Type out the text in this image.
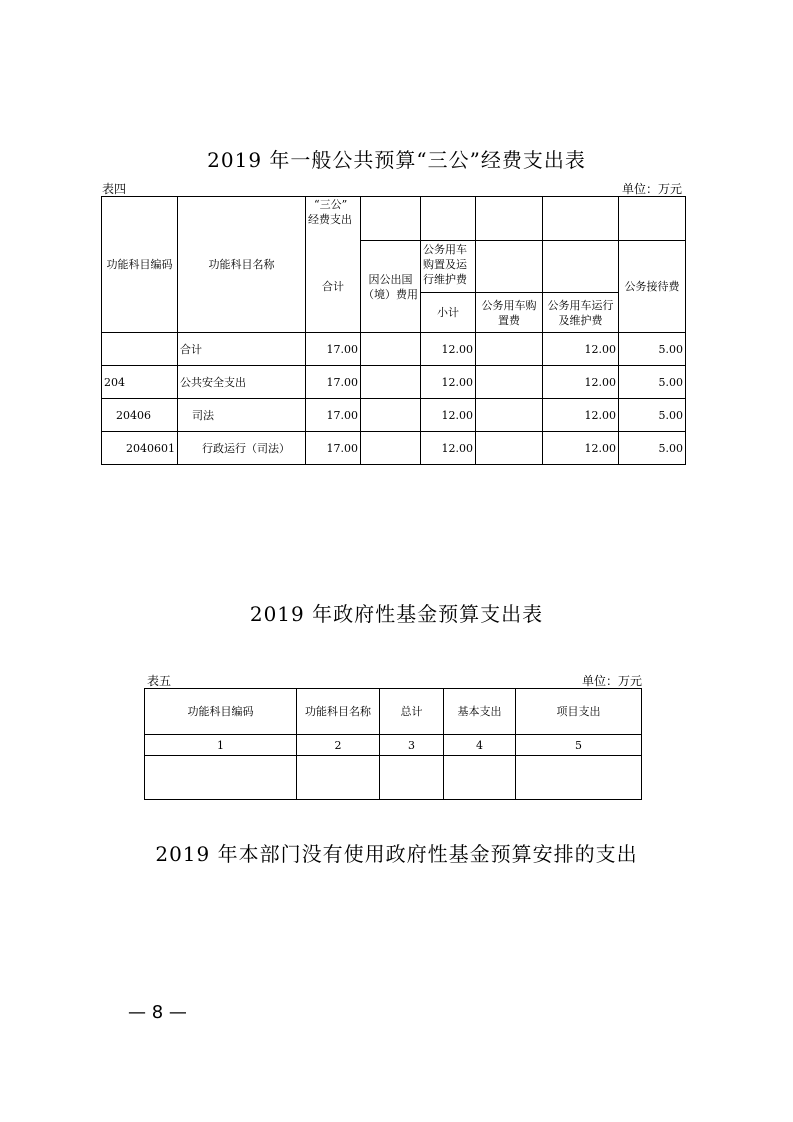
2019 年一般公共预算“三公”经费支出表
表四	单位：万元
功能科目编码	功能科目名称	“三公”
经费支出					

		合计	因公出国（境）费用	公务用车购置及运行维护费			公务接待费
				小计	公务用车购置费	公务用车运行及维护费	
	合计	17.00		12.00		12.00	5.00
204	公共安全支出	17.00		12.00		12.00	5.00
20406	司法	17.00		12.00		12.00	5.00
2040601	行政运行（司法）	17.00		12.00		12.00	5.00
2019 年政府性基金预算支出表
表五	单位：万元
功能科目编码	功能科目名称	总计	基本支出	项目支出
1	2	3	4	5

2019 年本部门没有使用政府性基金预算安排的支出
— 8 —
